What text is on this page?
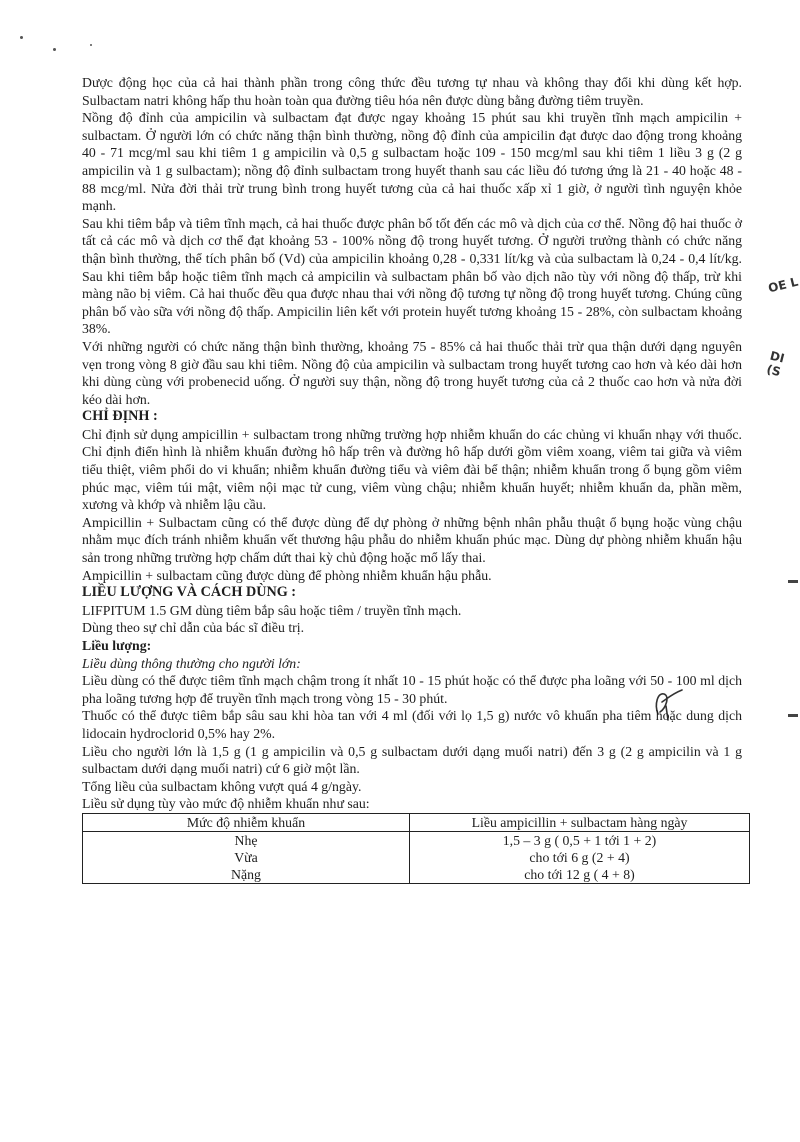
OE L
DI (S

Dược động học của cả hai thành phần trong công thức đều tương tự nhau và không thay đổi khi dùng kết hợp. Sulbactam natri không hấp thu hoàn toàn qua đường tiêu hóa nên được dùng bằng đường tiêm truyền.

Nồng độ đỉnh của ampicilin và sulbactam đạt được ngay khoảng 15 phút sau khi truyền tĩnh mạch ampicilin + sulbactam. Ở người lớn có chức năng thận bình thường, nồng độ đỉnh của ampicilin đạt được dao động trong khoảng 40 - 71 mcg/ml sau khi tiêm 1 g ampicilin và 0,5 g sulbactam hoặc 109 - 150 mcg/ml sau khi tiêm 1 liều 3 g (2 g ampicilin và 1 g sulbactam); nồng độ đỉnh sulbactam trong huyết thanh sau các liều đó tương ứng là 21 - 40 hoặc 48 - 88 mcg/ml. Nửa đời thải trừ trung bình trong huyết tương của cả hai thuốc xấp xỉ 1 giờ, ở người tình nguyện khỏe mạnh.

Sau khi tiêm bắp và tiêm tĩnh mạch, cả hai thuốc được phân bố tốt đến các mô và dịch của cơ thể. Nồng độ hai thuốc ở tất cả các mô và dịch cơ thể đạt khoảng 53 - 100% nồng độ trong huyết tương. Ở người trưởng thành có chức năng thận bình thường, thể tích phân bố (Vd) của ampicilin khoảng 0,28 - 0,331 lít/kg và của sulbactam là 0,24 - 0,4 lít/kg. Sau khi tiêm bắp hoặc tiêm tĩnh mạch cả ampicilin và sulbactam phân bố vào dịch não tùy với nồng độ thấp, trừ khi màng não bị viêm. Cả hai thuốc đều qua được nhau thai với nồng độ tương tự nồng độ trong huyết tương. Chúng cũng phân bố vào sữa với nồng độ thấp. Ampicilin liên kết với protein huyết tương khoảng 15 - 28%, còn sulbactam khoảng 38%.

Với những người có chức năng thận bình thường, khoảng 75 - 85% cả hai thuốc thải trừ qua thận dưới dạng nguyên vẹn trong vòng 8 giờ đầu sau khi tiêm. Nồng độ của ampicilin và sulbactam trong huyết tương cao hơn và kéo dài hơn khi dùng cùng với probenecid uống. Ở người suy thận, nồng độ trong huyết tương của cả 2 thuốc cao hơn và nửa đời kéo dài hơn.

CHỈ ĐỊNH :

Chỉ định sử dụng ampicillin + sulbactam trong những trường hợp nhiễm khuẩn do các chủng vi khuẩn nhạy với thuốc. Chỉ định điển hình là nhiễm khuẩn đường hô hấp trên và đường hô hấp dưới gồm viêm xoang, viêm tai giữa và viêm tiểu thiệt, viêm phổi do vi khuẩn; nhiễm khuẩn đường tiểu và viêm đài bể thận; nhiễm khuẩn trong ổ bụng gồm viêm phúc mạc, viêm túi mật, viêm nội mạc tử cung, viêm vùng chậu; nhiễm khuẩn huyết; nhiễm khuẩn da, phần mềm, xương và khớp và nhiễm lậu cầu.

Ampicillin + Sulbactam cũng có thể được dùng để dự phòng ở những bệnh nhân phẫu thuật ổ bụng hoặc vùng chậu nhằm mục đích tránh nhiễm khuẩn vết thương hậu phẫu do nhiễm khuẩn phúc mạc. Dùng dự phòng nhiễm khuẩn hậu sản trong những trường hợp chấm dứt thai kỳ chủ động hoặc mổ lấy thai.

Ampicillin + sulbactam cũng được dùng để phòng nhiễm khuẩn hậu phẫu.

LIỀU LƯỢNG VÀ CÁCH DÙNG :

LIFPITUM 1.5 GM dùng tiêm bắp sâu hoặc tiêm / truyền tĩnh mạch.

Dùng theo sự chỉ dẫn của bác sĩ điều trị.

Liều lượng:

Liều dùng thông thường cho người lớn:

Liều dùng có thể được tiêm tĩnh mạch chậm trong ít nhất 10 - 15 phút hoặc có thể được pha loãng với 50 - 100 ml dịch pha loãng tương hợp để truyền tĩnh mạch trong vòng 15 - 30 phút.

Thuốc có thể được tiêm bắp sâu sau khi hòa tan với 4 ml (đối với lọ 1,5 g) nước vô khuẩn pha tiêm hoặc dung dịch lidocain hydroclorid 0,5% hay 2%.

Liều cho người lớn là 1,5 g (1 g ampicilin và 0,5 g sulbactam dưới dạng muối natri) đến 3 g (2 g ampicilin và 1 g sulbactam dưới dạng muối natri) cứ 6 giờ một lần.

Tổng liều của sulbactam không vượt quá 4 g/ngày.

Liều sử dụng tùy vào mức độ nhiễm khuẩn như sau:

Mức độ nhiễm khuẩn	Liều ampicillin + sulbactam hàng ngày
Nhẹ	1,5 – 3 g ( 0,5 + 1 tới 1 + 2)
Vừa	cho tới 6 g (2 + 4)
Nặng	cho tới 12 g ( 4 + 8)
